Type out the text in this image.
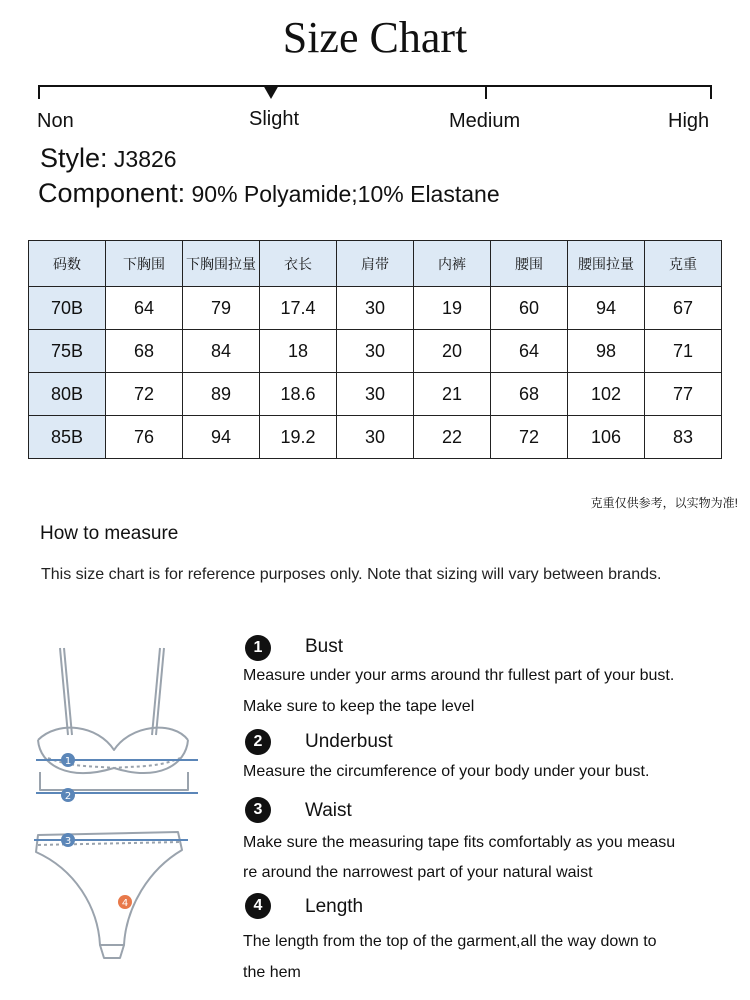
Size Chart
Non	Slight	Medium	High
Style: J3826
Component: 90% Polyamide;10% Elastane
码数	下胸围	下胸围拉量	衣长	肩带	内裤	腰围	腰围拉量	克重
70B	64	79	17.4	30	19	60	94	67
75B	68	84	18	30	20	64	98	71
80B	72	89	18.6	30	21	68	102	77
85B	76	94	19.2	30	22	72	106	83
克重仅供参考，以实物为准!
How to measure
This size chart is for reference purposes only. Note that sizing will vary between brands.
1
2
3
4
1	Bust
Measure under your arms around thr fullest part of your bust.
Make sure to keep the tape level
2	Underbust
Measure the circumference of your body under your bust.
3	Waist
Make sure the measuring tape fits comfortably as you measu
re around the narrowest part of your natural waist
4	Length
The length from the top of the garment,all the way down to
the hem
